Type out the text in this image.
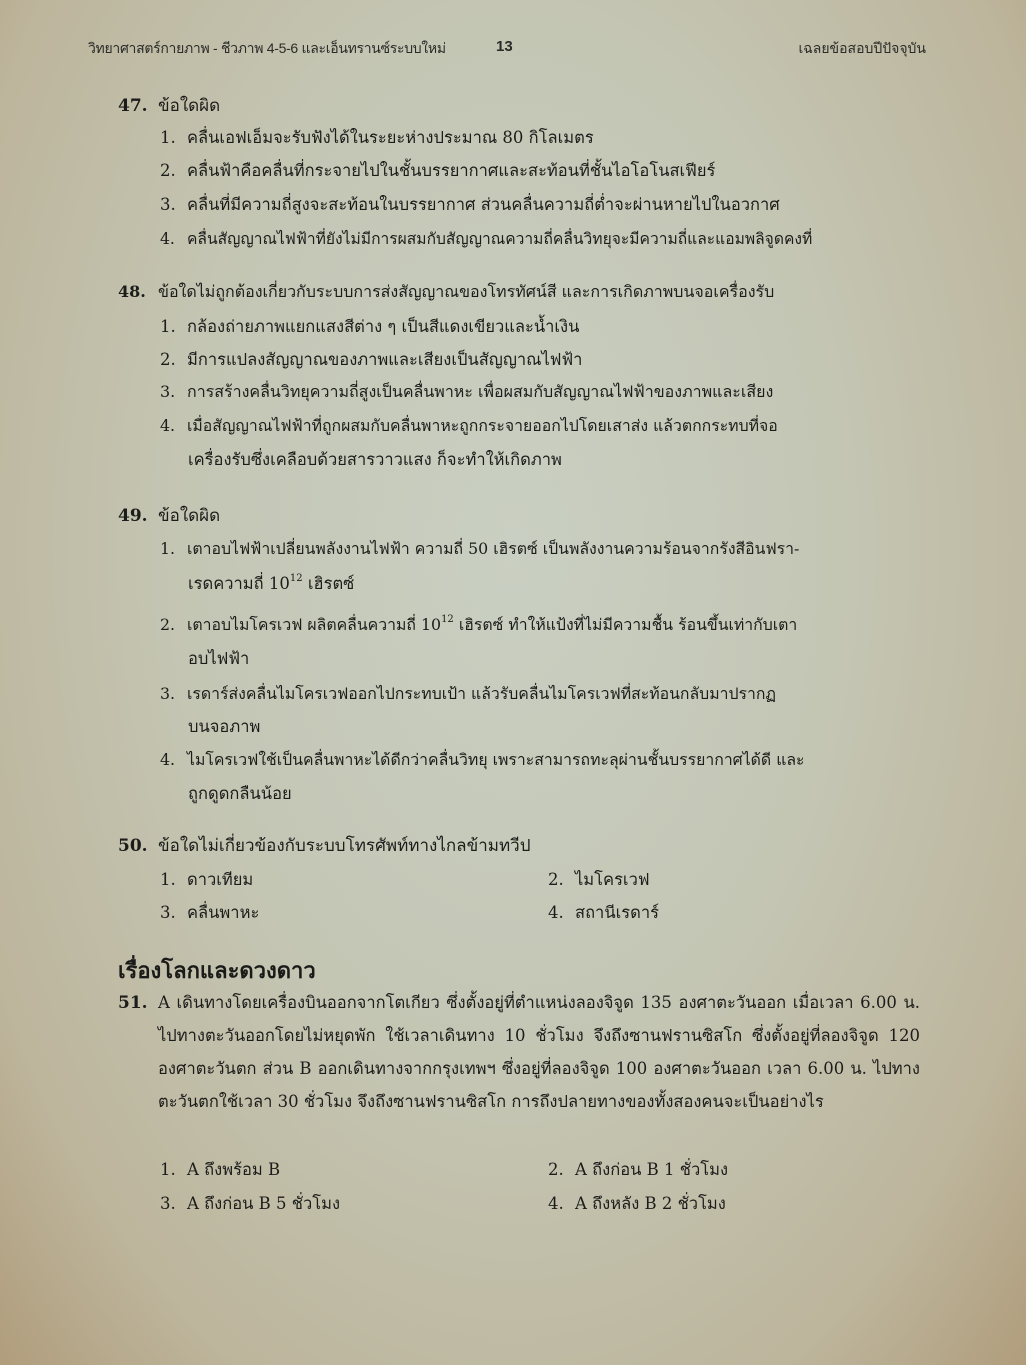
วิทยาศาสตร์กายภาพ - ชีวภาพ 4-5-6 และเอ็นทรานซ์ระบบใหม่	13	เฉลยข้อสอบปีปัจจุบัน
47. ข้อใดผิด
1. คลื่นเอฟเอ็มจะรับฟังได้ในระยะห่างประมาณ 80 กิโลเมตร
2. คลื่นฟ้าคือคลื่นที่กระจายไปในชั้นบรรยากาศและสะท้อนที่ชั้นไอโอโนสเฟียร์
3. คลื่นที่มีความถี่สูงจะสะท้อนในบรรยากาศ ส่วนคลื่นความถี่ต่ำจะผ่านหายไปในอวกาศ
4. คลื่นสัญญาณไฟฟ้าที่ยังไม่มีการผสมกับสัญญาณความถี่คลื่นวิทยุจะมีความถี่และแอมพลิจูดคงที่
48. ข้อใดไม่ถูกต้องเกี่ยวกับระบบการส่งสัญญาณของโทรทัศน์สี และการเกิดภาพบนจอเครื่องรับ
1. กล้องถ่ายภาพแยกแสงสีต่าง ๆ เป็นสีแดงเขียวและน้ำเงิน
2. มีการแปลงสัญญาณของภาพและเสียงเป็นสัญญาณไฟฟ้า
3. การสร้างคลื่นวิทยุความถี่สูงเป็นคลื่นพาหะ เพื่อผสมกับสัญญาณไฟฟ้าของภาพและเสียง
4. เมื่อสัญญาณไฟฟ้าที่ถูกผสมกับคลื่นพาหะถูกกระจายออกไปโดยเสาส่ง แล้วตกกระทบที่จอ
เครื่องรับซึ่งเคลือบด้วยสารวาวแสง ก็จะทำให้เกิดภาพ
49. ข้อใดผิด
1. เตาอบไฟฟ้าเปลี่ยนพลังงานไฟฟ้า ความถี่ 50 เฮิรตซ์ เป็นพลังงานความร้อนจากรังสีอินฟรา-
เรดความถี่ $10^{12}$ เฮิรตซ์
2. เตาอบไมโครเวฟ ผลิตคลื่นความถี่ $10^{12}$ เฮิรตซ์ ทำให้แป้งที่ไม่มีความชื้น ร้อนขึ้นเท่ากับเตา
อบไฟฟ้า
3. เรดาร์ส่งคลื่นไมโครเวฟออกไปกระทบเป้า แล้วรับคลื่นไมโครเวฟที่สะท้อนกลับมาปรากฏ
บนจอภาพ
4. ไมโครเวฟใช้เป็นคลื่นพาหะได้ดีกว่าคลื่นวิทยุ เพราะสามารถทะลุผ่านชั้นบรรยากาศได้ดี และ
ถูกดูดกลืนน้อย
50. ข้อใดไม่เกี่ยวข้องกับระบบโทรศัพท์ทางไกลข้ามทวีป
1. ดาวเทียม	2. ไมโครเวฟ
3. คลื่นพาหะ	4. สถานีเรดาร์
เรื่องโลกและดวงดาว
51. A เดินทางโดยเครื่องบินออกจากโตเกียว ซึ่งตั้งอยู่ที่ตำแหน่งลองจิจูด 135 องศาตะวันออก เมื่อเวลา 6.00 น. ไปทางตะวันออกโดยไม่หยุดพัก ใช้เวลาเดินทาง 10 ชั่วโมง จึงถึงซานฟรานซิสโก ซึ่งตั้งอยู่ที่ลองจิจูด 120 องศาตะวันตก ส่วน B ออกเดินทางจากกรุงเทพฯ ซึ่งอยู่ที่ลองจิจูด 100 องศาตะวันออก เวลา 6.00 น. ไปทางตะวันตกใช้เวลา 30 ชั่วโมง จึงถึงซานฟรานซิสโก การถึงปลายทางของทั้งสองคนจะเป็นอย่างไร
1. A ถึงพร้อม B	2. A ถึงก่อน B 1 ชั่วโมง
3. A ถึงก่อน B 5 ชั่วโมง	4. A ถึงหลัง B 2 ชั่วโมง
